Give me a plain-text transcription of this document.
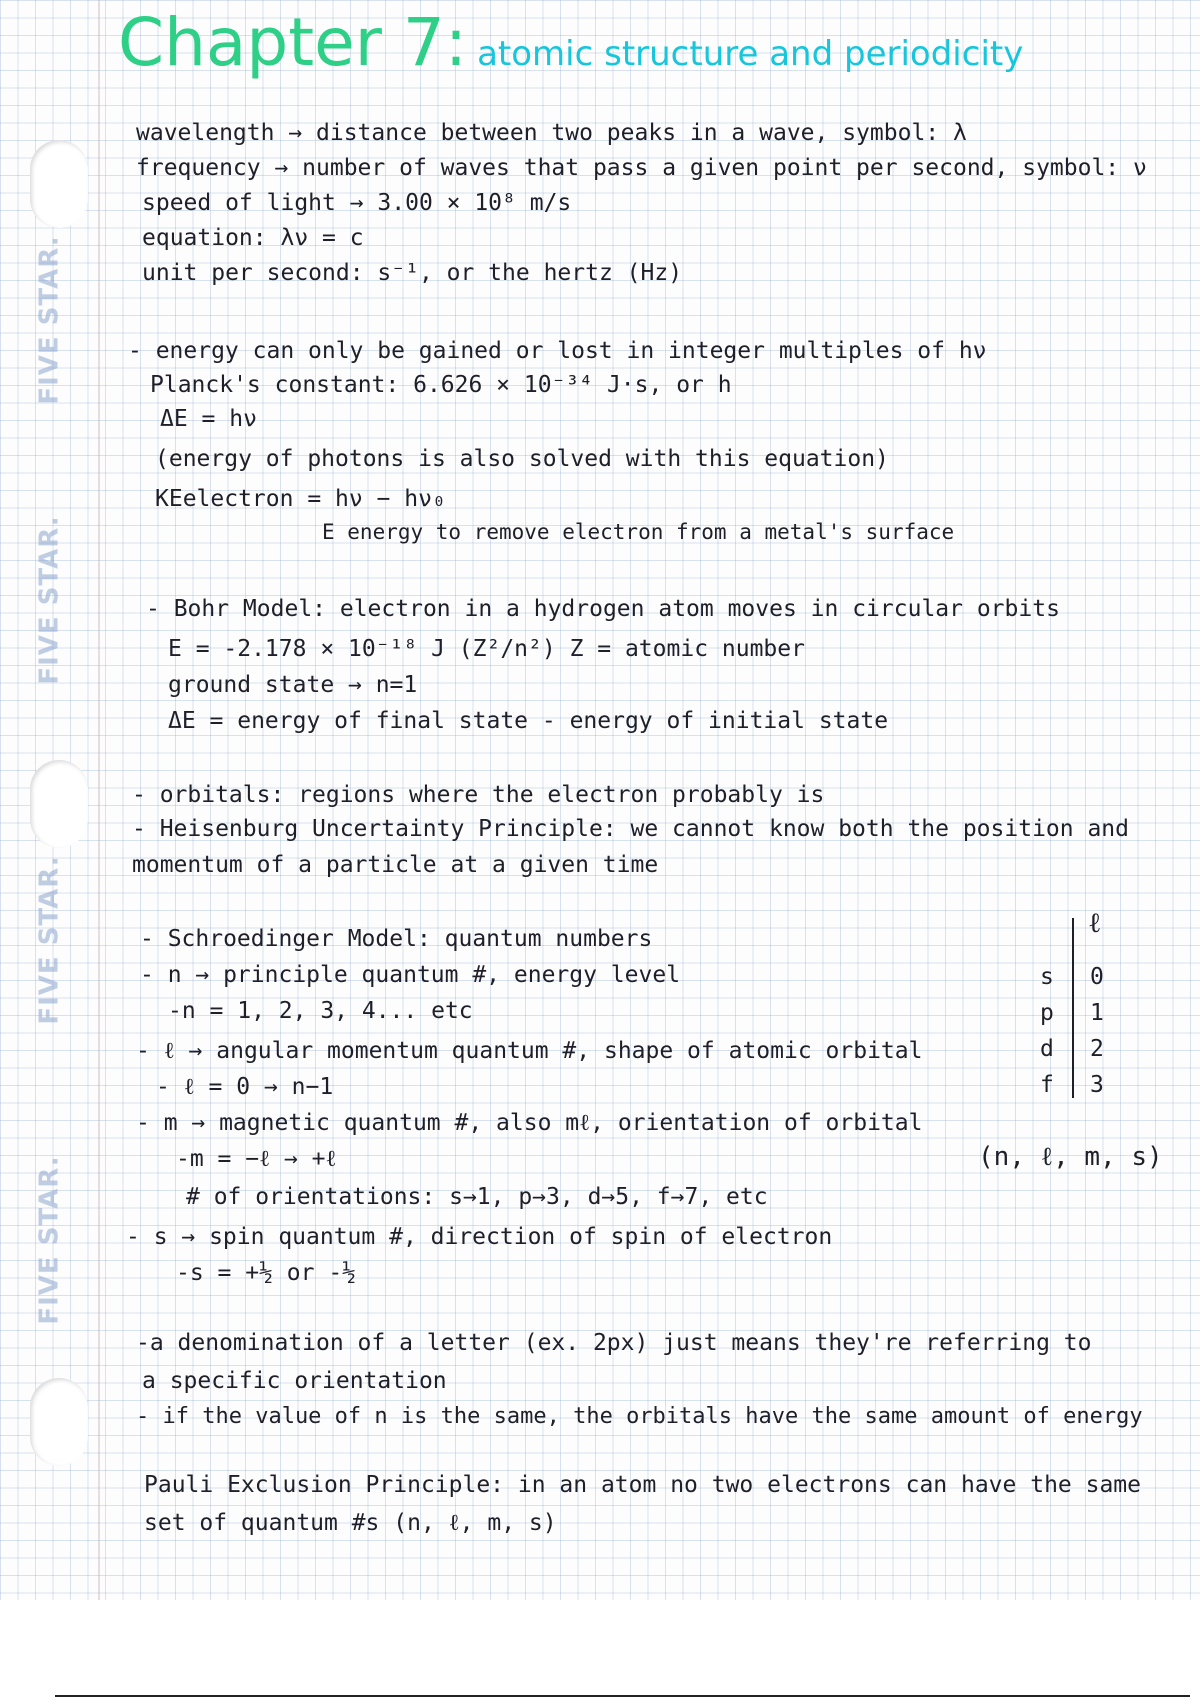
FIVE STAR.
FIVE STAR.
FIVE STAR.
FIVE STAR.
Chapter 7: atomic structure and periodicity
wavelength → distance between two peaks in a wave, symbol: λ
frequency → number of waves that pass a given point per second, symbol: ν
speed of light → 3.00 × 10⁸ m/s
equation: λν = c
unit per second: s⁻¹, or the hertz (Hz)
- energy can only be gained or lost in integer multiples of hν
Planck's constant: 6.626 × 10⁻³⁴ J·s, or h
ΔE = hν
(energy of photons is also solved with this equation)
KEelectron = hν − hν₀
E energy to remove electron from a metal's surface
- Bohr Model: electron in a hydrogen atom moves in circular orbits
E = -2.178 × 10⁻¹⁸ J (Z²/n²) Z = atomic number
ground state → n=1
ΔE = energy of final state - energy of initial state
- orbitals: regions where the electron probably is
- Heisenburg Uncertainty Principle: we cannot know both the position and
momentum of a particle at a given time
- Schroedinger Model: quantum numbers
- n → principle quantum #, energy level
-n = 1, 2, 3, 4... etc
- ℓ → angular momentum quantum #, shape of atomic orbital
- ℓ = 0 → n−1
- m → magnetic quantum #, also mℓ, orientation of orbital
-m = −ℓ → +ℓ
# of orientations: s→1, p→3, d→5, f→7, etc
- s → spin quantum #, direction of spin of electron
-s = +½ or -½
(n, ℓ, m, s)
ℓ
s 0
p 1
d 2
f 3
-a denomination of a letter (ex. 2px) just means they're referring to
a specific orientation
- if the value of n is the same, the orbitals have the same amount of energy
Pauli Exclusion Principle: in an atom no two electrons can have the same
set of quantum #s (n, ℓ, m, s)
